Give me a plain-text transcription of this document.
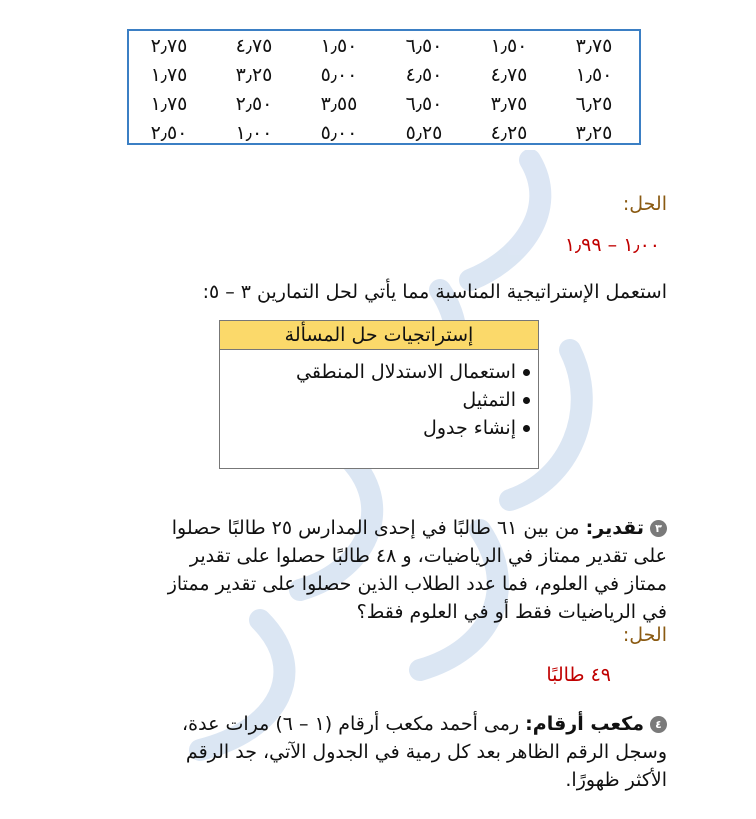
٣٫٧٥
١٫٥٠
٦٫٥٠
١٫٥٠
٤٫٧٥
٢٫٧٥
١٫٥٠
٤٫٧٥
٤٫٥٠
٥٫٠٠
٣٫٢٥
١٫٧٥
٦٫٢٥
٣٫٧٥
٦٫٥٠
٣٫٥٥
٢٫٥٠
١٫٧٥
٣٫٢٥
٤٫٢٥
٥٫٢٥
٥٫٠٠
١٫٠٠
٢٫٥٠
الحل:
١٫٠٠ – ١٫٩٩
استعمل الإستراتيجية المناسبة مما يأتي لحل التمارين ٣ – ٥:
إستراتجيات حل المسألة
استعمال الاستدلال المنطقي
التمثيل
إنشاء جدول
٣تقدير: من بين ٦١ طالبًا في إحدى المدارس ٢٥ طالبًا حصلوا
على تقدير ممتاز في الرياضيات، و ٤٨ طالبًا حصلوا على تقدير
ممتاز في العلوم، فما عدد الطلاب الذين حصلوا على تقدير ممتاز
في الرياضيات فقط أو في العلوم فقط؟
الحل:
٤٩ طالبًا
٤مكعب أرقام: رمى أحمد مكعب أرقام (١ – ٦) مرات عدة،
وسجل الرقم الظاهر بعد كل رمية في الجدول الآتي، جد الرقم
الأكثر ظهورًا.
